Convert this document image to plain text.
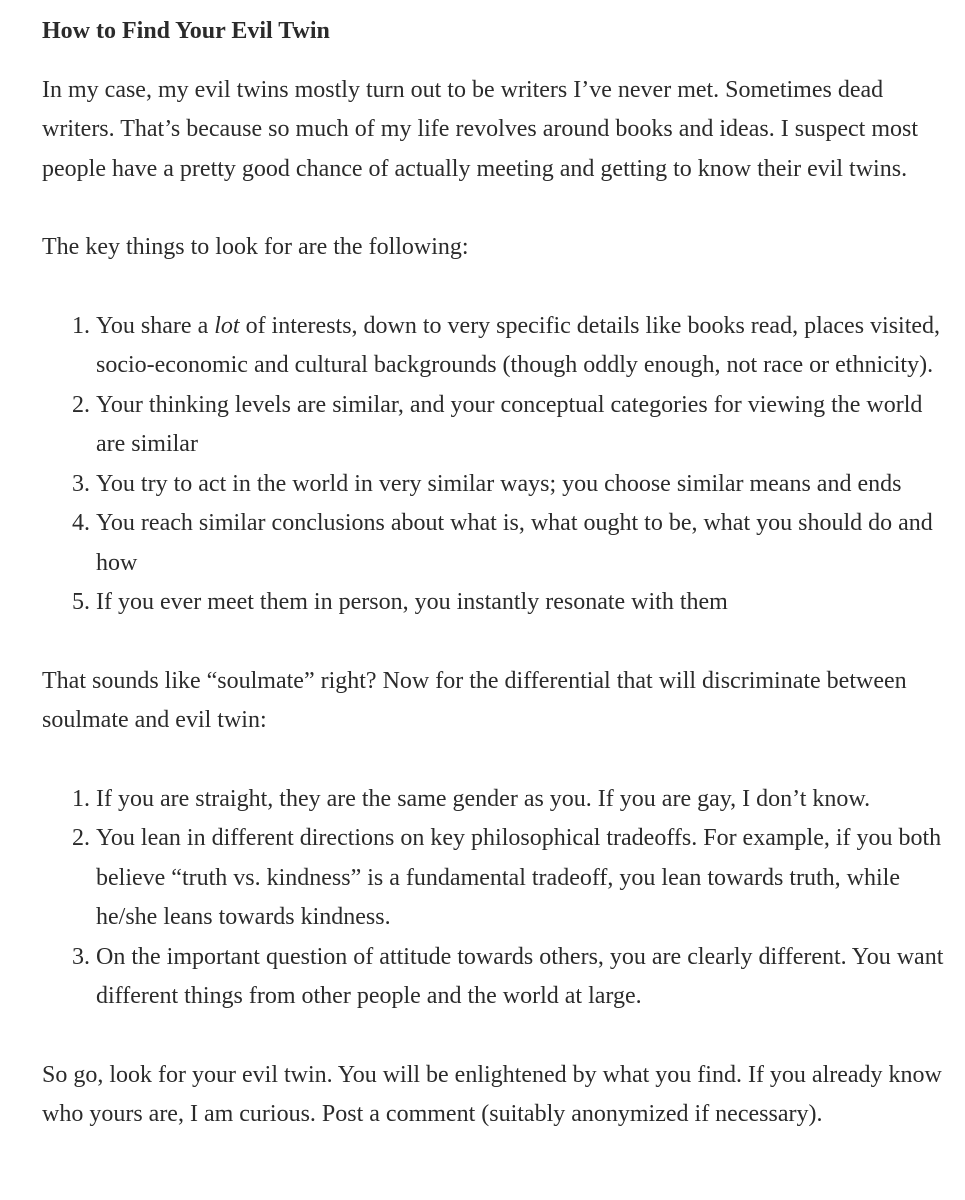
How to Find Your Evil Twin

In my case, my evil twins mostly turn out to be writers I’ve never met. Sometimes dead writers. That’s because so much of my life revolves around books and ideas. I suspect most people have a pretty good chance of actually meeting and getting to know their evil twins.

The key things to look for are the following:

1. You share a lot of interests, down to very specific details like books read, places visited, socio-economic and cultural backgrounds (though oddly enough, not race or ethnicity).
2. Your thinking levels are similar, and your conceptual categories for viewing the world are similar
3. You try to act in the world in very similar ways; you choose similar means and ends
4. You reach similar conclusions about what is, what ought to be, what you should do and how
5. If you ever meet them in person, you instantly resonate with them

That sounds like “soulmate” right? Now for the differential that will discriminate between soulmate and evil twin:

1. If you are straight, they are the same gender as you. If you are gay, I don’t know.
2. You lean in different directions on key philosophical tradeoffs. For example, if you both believe “truth vs. kindness” is a fundamental tradeoff, you lean towards truth, while he/she leans towards kindness.
3. On the important question of attitude towards others, you are clearly different. You want different things from other people and the world at large.

So go, look for your evil twin. You will be enlightened by what you find. If you already know who yours are, I am curious. Post a comment (suitably anonymized if necessary).
